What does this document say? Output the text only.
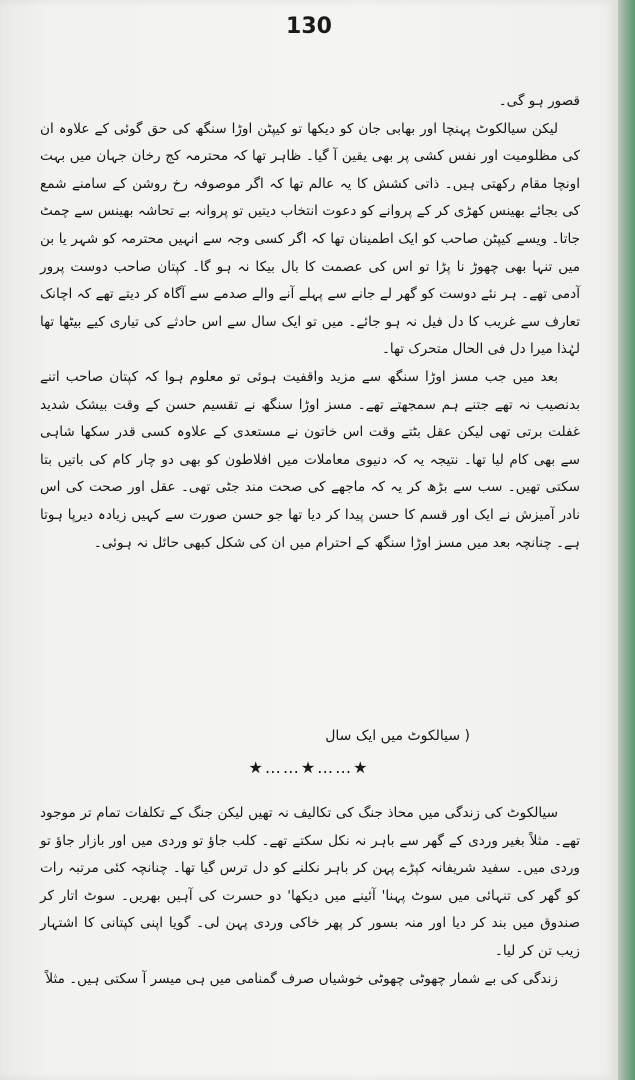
130

قصور ہو گی۔

لیکن سیالکوٹ پہنچا اور بھابی جان کو دیکھا تو کیپٹن اوڑا سنگھ کی حق گوئی کے علاوہ ان کی مظلومیت اور نفس کشی پر بھی یقین آ گیا۔ ظاہر تھا کہ محترمہ کج رخان جہان میں بہت اونچا مقام رکھتی ہیں۔ ذاتی کشش کا یہ عالم تھا کہ اگر موصوفہ رخ روشن کے سامنے شمع کی بجائے بھینس کھڑی کر کے پروانے کو دعوت انتخاب دیتیں تو پروانہ بے تحاشہ بھینس سے چمٹ جاتا۔ ویسے کیپٹن صاحب کو ایک اطمینان تھا کہ اگر کسی وجہ سے انہیں محترمہ کو شہر یا بن میں تنہا بھی چھوڑ نا پڑا تو اس کی عصمت کا بال بیکا نہ ہو گا۔ کپتان صاحب دوست پرور آدمی تھے۔ ہر نئے دوست کو گھر لے جانے سے پہلے آنے والے صدمے سے آگاہ کر دیتے تھے کہ اچانک تعارف سے غریب کا دل فیل نہ ہو جائے۔ میں تو ایک سال سے اس حادثے کی تیاری کیے بیٹھا تھا لہٰذا میرا دل فی الحال متحرک تھا۔

بعد میں جب مسز اوڑا سنگھ سے مزید واقفیت ہوئی تو معلوم ہوا کہ کپتان صاحب اتنے بدنصیب نہ تھے جتنے ہم سمجھتے تھے۔ مسز اوڑا سنگھ نے تقسیم حسن کے وقت بیشک شدید غفلت برتی تھی لیکن عقل بٹتے وقت اس خاتون نے مستعدی کے علاوہ کسی قدر سکھا شاہی سے بھی کام لیا تھا۔ نتیجہ یہ کہ دنیوی معاملات میں افلاطون کو بھی دو چار کام کی باتیں بتا سکتی تھیں۔ سب سے بڑھ کر یہ کہ ماجھے کی صحت مند جٹی تھی۔ عقل اور صحت کی اس نادر آمیزش نے ایک اور قسم کا حسن پیدا کر دیا تھا جو حسن صورت سے کہیں زیادہ دیرپا ہوتا ہے۔ چنانچہ بعد میں مسز اوڑا سنگھ کے احترام میں ان کی شکل کبھی حائل نہ ہوئی۔

( سیالکوٹ میں ایک سال
★……★……★

سیالکوٹ کی زندگی میں محاذ جنگ کی تکالیف نہ تھیں لیکن جنگ کے تکلفات تمام تر موجود تھے۔ مثلاً بغیر وردی کے گھر سے باہر نہ نکل سکتے تھے۔ کلب جاؤ تو وردی میں اور بازار جاؤ تو وردی میں۔ سفید شریفانہ کپڑے پہن کر باہر نکلنے کو دل ترس گیا تھا۔ چنانچہ کئی مرتبہ رات کو گھر کی تنہائی میں سوٹ پہنا' آئینے میں دیکھا' دو حسرت کی آہیں بھریں۔ سوٹ اتار کر صندوق میں بند کر دیا اور منہ بسور کر پھر خاکی وردی پہن لی۔ گویا اپنی کپتانی کا اشتہار زیب تن کر لیا۔

زندگی کی بے شمار چھوٹی چھوٹی خوشیاں صرف گمنامی میں ہی میسر آ سکتی ہیں۔ مثلاً
